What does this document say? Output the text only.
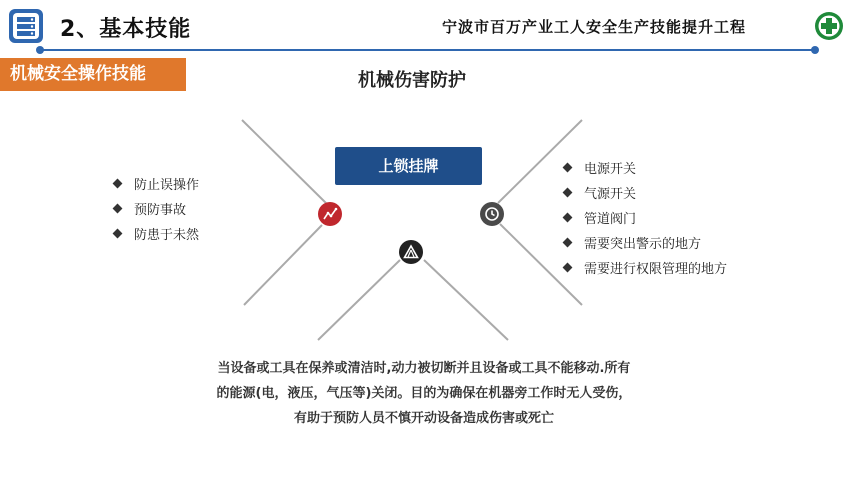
2、基本技能	宁波市百万产业工人安全生产技能提升工程
机械安全操作技能	机械伤害防护
上锁挂牌
防止误操作
预防事故
防患于未然
电源开关
气源开关
管道阀门
需要突出警示的地方
需要进行权限管理的地方
当设备或工具在保养或清洁时,动力被切断并且设备或工具不能移动.所有
的能源(电，液压，气压等)关闭。目的为确保在机器旁工作时无人受伤，
有助于预防人员不慎开动设备造成伤害或死亡
